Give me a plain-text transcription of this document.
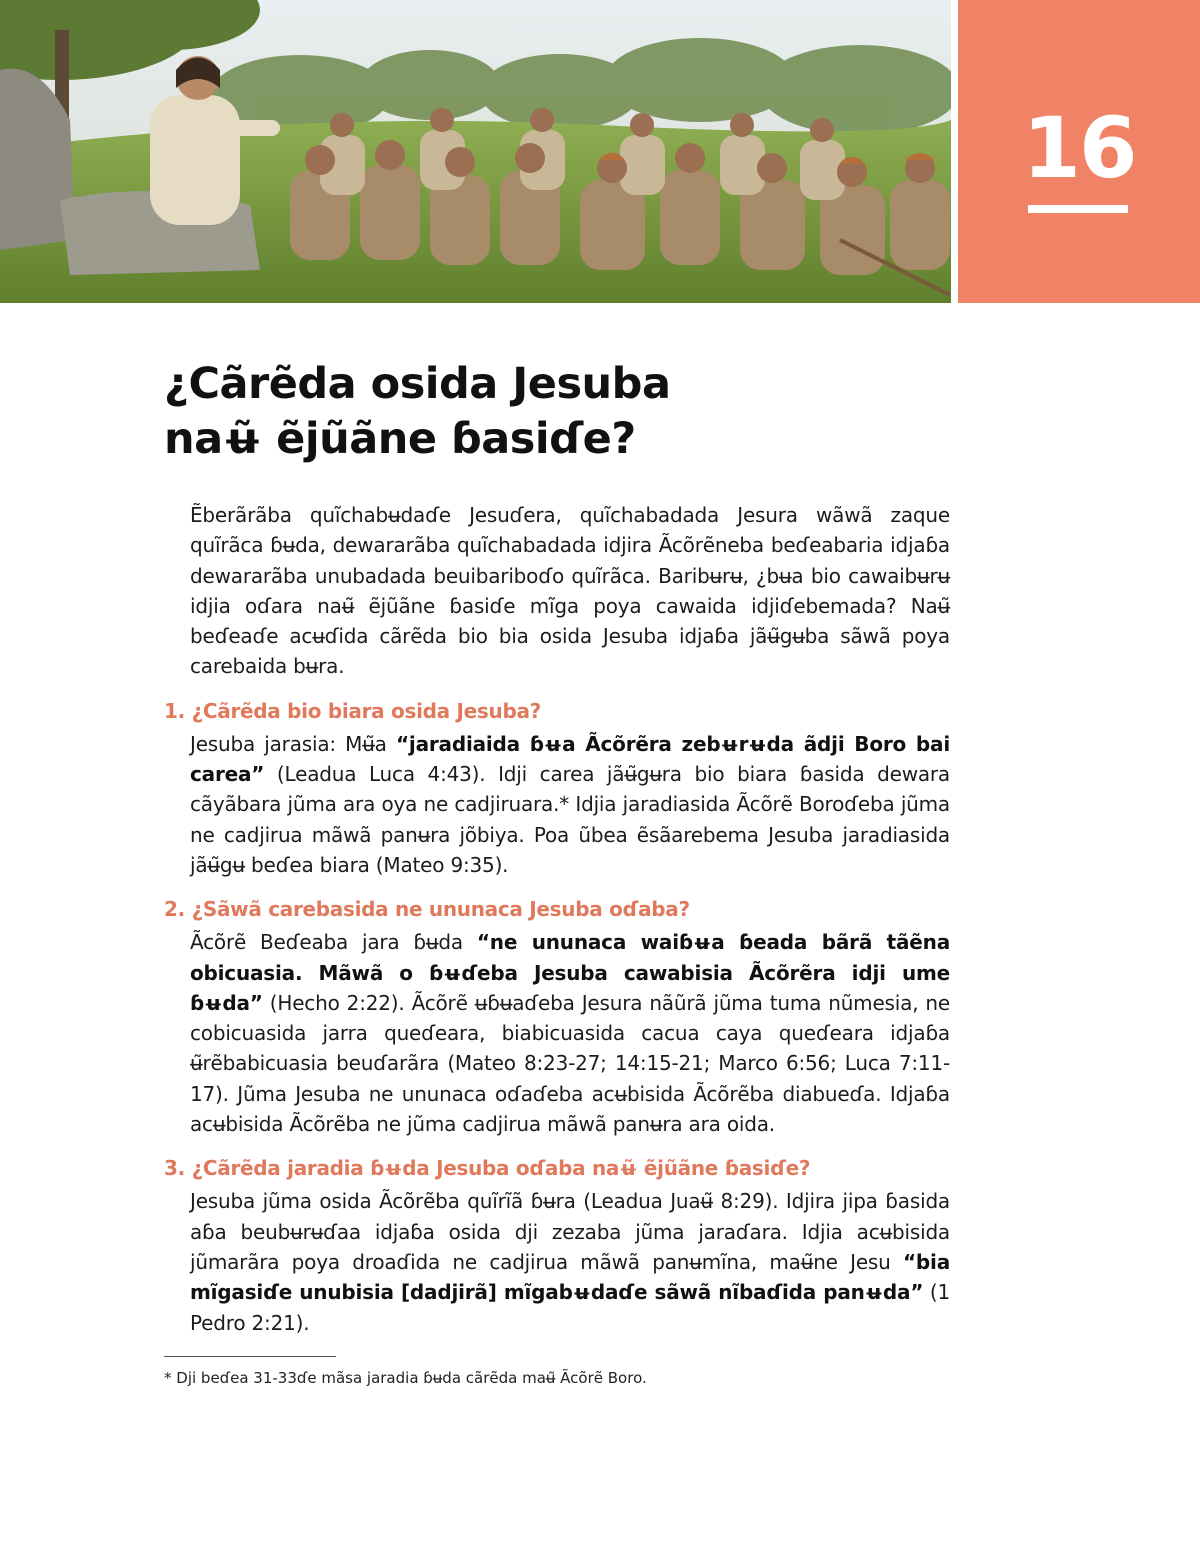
16
¿Cãrẽda osida Jesuba
naʉ̃ ẽjũãne ɓasiɗe?

Ẽberãrãba quĩchabʉdaɗe Jesuɗera, quĩchabadada Jesura wãwã zaque quĩrãca ɓʉda, dewararãba quĩchabadada idjira Ãcõrẽneba beɗeabaria idjaɓa dewararãba unubadada beuibariboɗo quĩrãca. Baribʉrʉ, ¿bʉa bio cawaibʉrʉ idjia oɗara naʉ̃ ẽjũãne ɓasiɗe mĩga poya cawaida idjiɗebemada? Naʉ̃ beɗeaɗe acʉɗida cãrẽda bio bia osida Jesuba idjaɓa jãʉ̃gʉba sãwã poya carebaida bʉra.

1. ¿Cãrẽda bio biara osida Jesuba?

Jesuba jarasia: Mʉ̃a “jaradiaida ɓʉa Ãcõrẽra zebʉrʉda ãdji Boro bai carea” (Leadua Luca 4:43). Idji carea jãʉ̃gʉra bio biara ɓasida dewara cãyãbara jũma ara oya ne cadjiruara.* Idjia jaradiasida Ãcõrẽ Boroɗeba jũma ne cadjirua mãwã panʉra jõbiya. Poa ũbea ẽsãarebema Jesuba jaradiasida jãʉ̃gʉ beɗea biara (Mateo 9:35).

2. ¿Sãwã carebasida ne ununaca Jesuba oɗaba?

Ãcõrẽ Beɗeaba jara ɓʉda “ne ununaca waiɓʉa ɓeada bãrã tãẽna obicuasia. Mãwã o ɓʉɗeba Jesuba cawabisia Ãcõrẽra idji ume ɓʉda” (Hecho 2:22). Ãcõrẽ ʉɓʉaɗeba Jesura nãũrã jũma tuma nũmesia, ne cobicuasida jarra queɗeara, biabicuasida cacua caya queɗeara idjaɓa ʉ̃rẽbabicuasia beuɗarãra (Mateo 8:23-27; 14:15-21; Marco 6:56; Luca 7:11-17). Jũma Jesuba ne ununaca oɗaɗeba acʉbisida Ãcõrẽba diabueɗa. Idjaɓa acʉbisida Ãcõrẽba ne jũma cadjirua mãwã panʉra ara oida.

3. ¿Cãrẽda jaradia ɓʉda Jesuba oɗaba naʉ̃ ẽjũãne ɓasiɗe?

Jesuba jũma osida Ãcõrẽba quĩrĩã ɓʉra (Leadua Juaʉ̃ 8:29). Idjira jipa ɓasida aɓa beubʉrʉɗaa idjaɓa osida dji zezaba jũma jaraɗara. Idjia acʉbisida jũmarãra poya droaɗida ne cadjirua mãwã panʉmĩna, maʉ̃ne Jesu “bia mĩgasiɗe unubisia [dadjirã] mĩgabʉdaɗe sãwã nĩbaɗida panʉda” (1 Pedro 2:21).

* Dji beɗea 31-33ɗe mãsa jaradia ɓʉda cãrẽda maʉ̃ Ãcõrẽ Boro.
